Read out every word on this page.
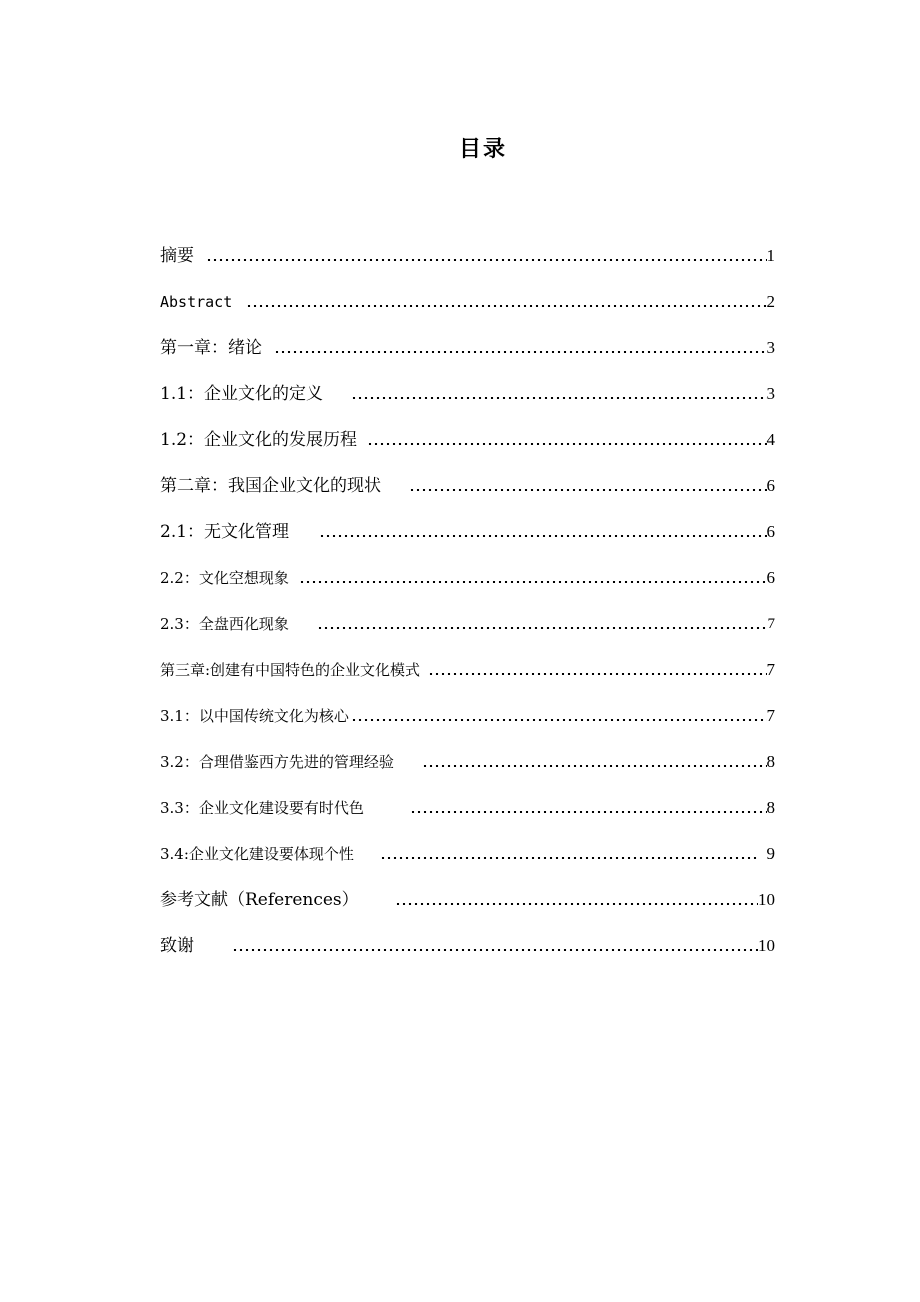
目录
摘要	1
Abstract	2
第一章：绪论	3
1.1：企业文化的定义	3
1.2：企业文化的发展历程	4
第二章：我国企业文化的现状	6
2.1：无文化管理	6
2.2：文化空想现象	6
2.3：全盘西化现象	7
第三章:创建有中国特色的企业文化模式	7
3.1：以中国传统文化为核心	7
3.2：合理借鉴西方先进的管理经验	8
3.3：企业文化建设要有时代色	8
3.4:企业文化建设要体现个性	9
参考文献（References）	10
致谢	10
